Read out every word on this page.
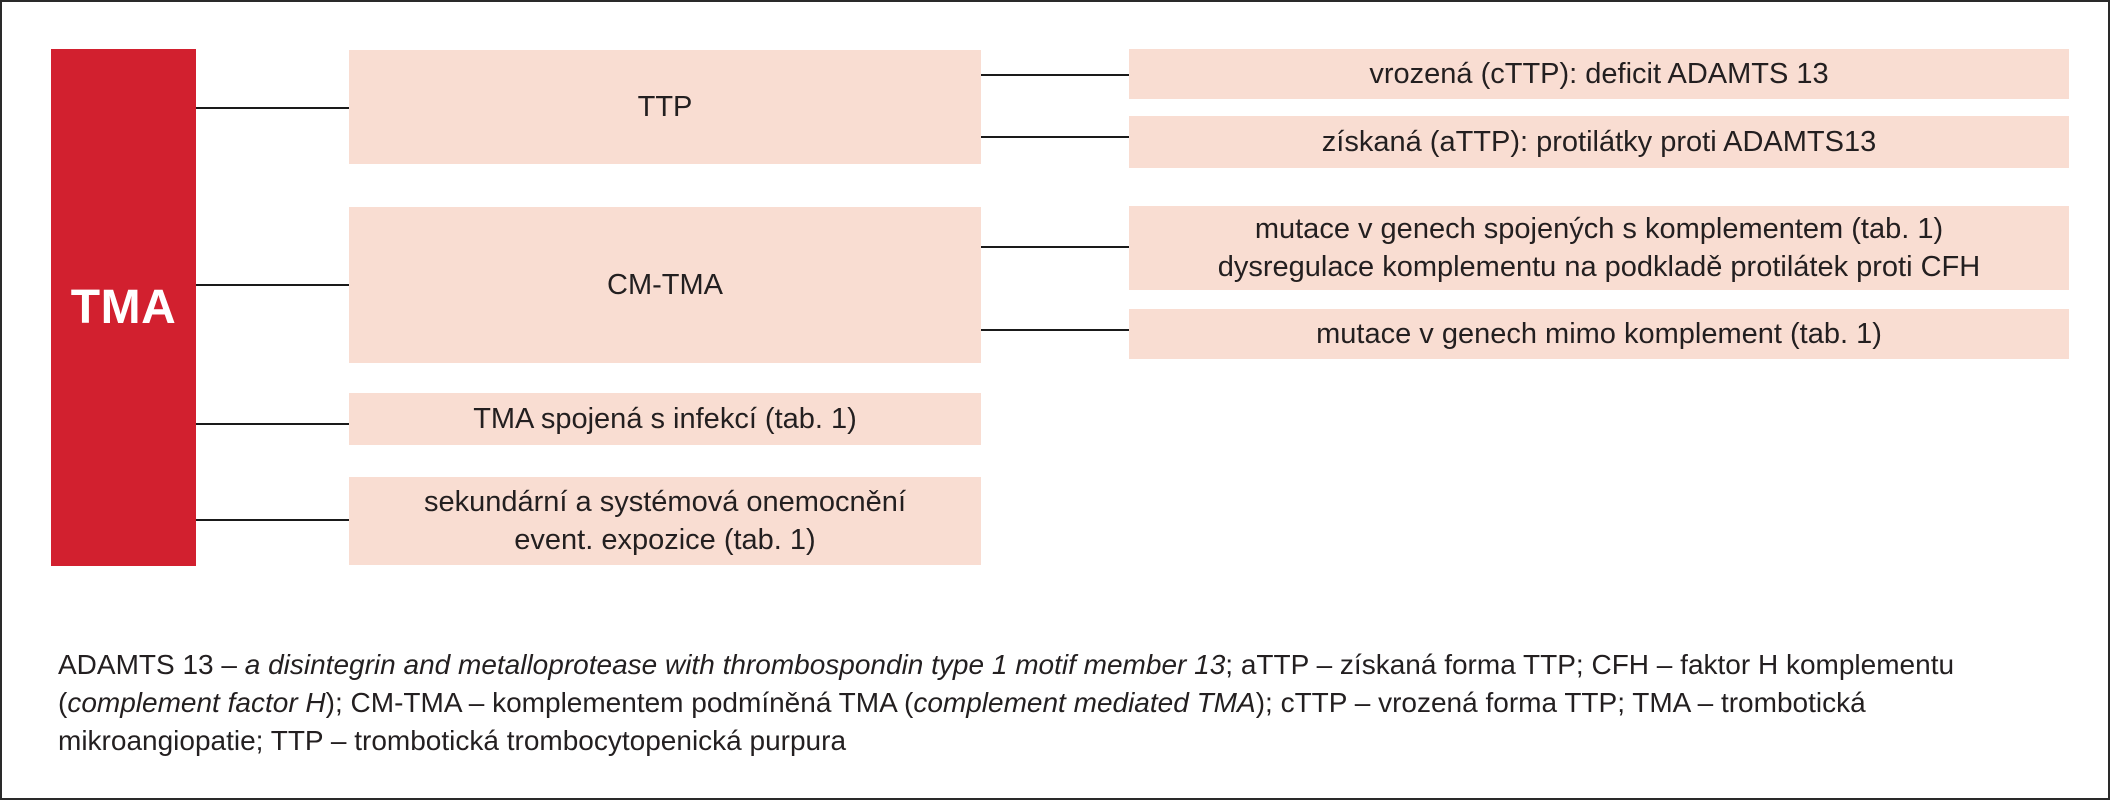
TMA
TTP
CM-TMA
TMA spojená s infekcí (tab. 1)
sekundární a systémová onemocnění
event. expozice (tab. 1)
vrozená (cTTP): deficit ADAMTS 13
získaná (aTTP): protilátky proti ADAMTS13
mutace v genech spojených s komplementem (tab. 1)
dysregulace komplementu na podkladě protilátek proti CFH
mutace v genech mimo komplement (tab. 1)
ADAMTS 13 – a disintegrin and metalloprotease with thrombospondin type 1 motif member 13; aTTP – získaná forma TTP; CFH – faktor H komplementu (complement factor H); CM-TMA – komplementem podmíněná TMA (complement mediated TMA); cTTP – vrozená forma TTP; TMA – trombotická mikroangiopatie; TTP – trombotická trombocytopenická purpura
